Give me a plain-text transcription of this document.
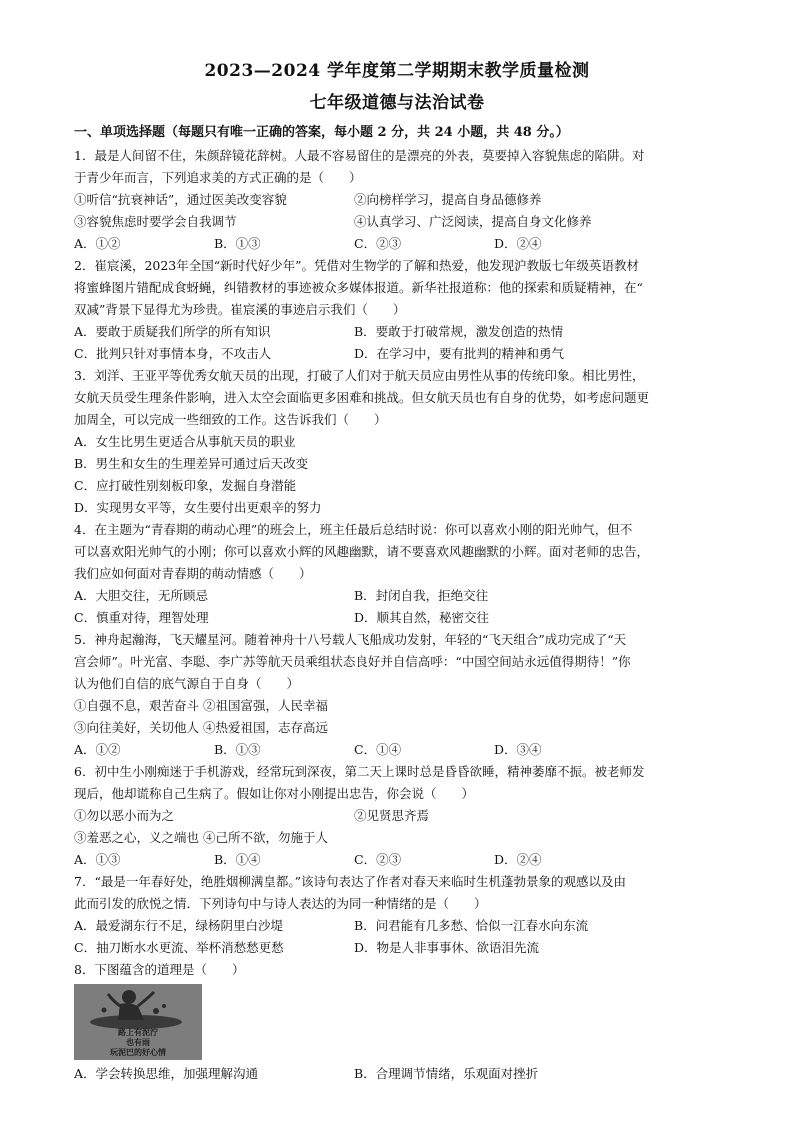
2023—2024 学年度第二学期期末教学质量检测
七年级道德与法治试卷
一、单项选择题（每题只有唯一正确的答案，每小题 2 分，共 24 小题，共 48 分。）
1．最是人间留不住，朱颜辞镜花辞树。人最不容易留住的是漂亮的外表，莫要掉入容貌焦虑的陷阱。对
于青少年而言，下列追求美的方式正确的是（　　）
①听信“抗衰神话”，通过医美改变容貌	②向榜样学习，提高自身品德修养
③容貌焦虑时要学会自我调节	④认真学习、广泛阅读，提高自身文化修养
A．①②	B．①③	C．②③	D．②④
2．崔宸溪，2023年全国“新时代好少年”。凭借对生物学的了解和热爱，他发现沪教版七年级英语教材
将蜜蜂图片错配成食蚜蝇，纠错教材的事迹被众多媒体报道。新华社报道称：他的探索和质疑精神，在“
双减”背景下显得尤为珍贵。崔宸溪的事迹启示我们（　　）
A．要敢于质疑我们所学的所有知识	B．要敢于打破常规，激发创造的热情
C．批判只针对事情本身，不攻击人	D．在学习中，要有批判的精神和勇气
3．刘洋、王亚平等优秀女航天员的出现，打破了人们对于航天员应由男性从事的传统印象。相比男性，
女航天员受生理条件影响，进入太空会面临更多困难和挑战。但女航天员也有自身的优势，如考虑问题更
加周全，可以完成一些细致的工作。这告诉我们（　　）
A．女生比男生更适合从事航天员的职业
B．男生和女生的生理差异可通过后天改变
C．应打破性别刻板印象，发掘自身潜能
D．实现男女平等，女生要付出更艰辛的努力
4．在主题为“青春期的萌动心理”的班会上，班主任最后总结时说：你可以喜欢小刚的阳光帅气，但不
可以喜欢阳光帅气的小刚；你可以喜欢小辉的风趣幽默，请不要喜欢风趣幽默的小辉。面对老师的忠告，
我们应如何面对青春期的萌动情感（　　）
A．大胆交往，无所顾忌	B．封闭自我，拒绝交往
C．慎重对待，理智处理	D．顺其自然，秘密交往
5．神舟起瀚海，飞天耀星河。随着神舟十八号载人飞船成功发射，年轻的“飞天组合”成功完成了“天
宫会师”。叶光富、李聪、李广苏等航天员乘组状态良好并自信高呼：“中国空间站永远值得期待！”你
认为他们自信的底气源自于自身（　　）
①自强不息，艰苦奋斗 ②祖国富强，人民幸福
③向往美好，关切他人 ④热爱祖国，志存高远
A．①②	B．①③	C．①④	D．③④
6．初中生小刚痴迷于手机游戏，经常玩到深夜，第二天上课时总是昏昏欲睡，精神萎靡不振。被老师发
现后，他却谎称自己生病了。假如让你对小刚提出忠告，你会说（　　）
①勿以恶小而为之	②见贤思齐焉
③羞恶之心，义之端也 ④己所不欲，勿施于人
A．①③	B．①④	C．②③	D．②④
7．“最是一年春好处，绝胜烟柳满皇都。”该诗句表达了作者对春天来临时生机蓬勃景象的观感以及由
此而引发的欣悦之情．下列诗句中与诗人表达的为同一种情绪的是（　　）
A．最爱湖东行不足，绿杨阴里白沙堤	B．问君能有几多愁、恰似一江春水向东流
C．抽刀断水水更流、举杯消愁愁更愁	D．物是人非事事休、欲语泪先流
8．下图蕴含的道理是（　　）
路上有泥泞
也有雨
玩泥巴的好心情
A．学会转换思维，加强理解沟通	B．合理调节情绪，乐观面对挫折
